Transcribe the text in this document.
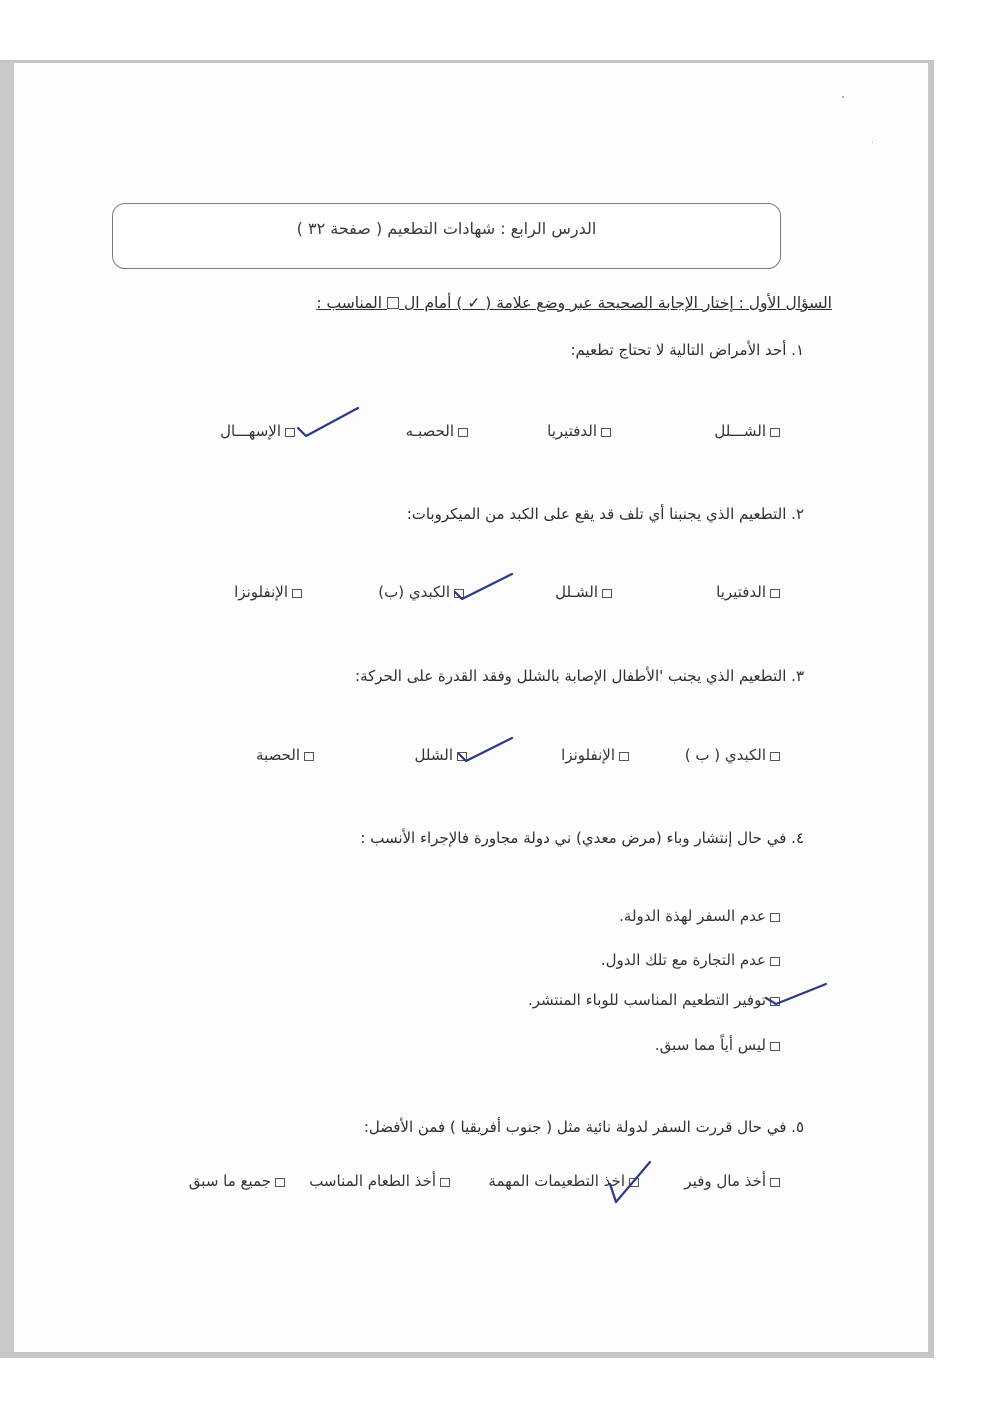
الدرس الرابع : شهادات التطعيم ( صفحة ٣٢ )
السؤال الأول : إختار الإجابة الصحيحة عبر وضع علامة ( ✓ ) أمام ال  المناسب :
١. أحد الأمراض التالية لا تحتاج تطعيم:
الشـــلل
الدفتيريا
الحصبـه
الإسهـــال
٢. التطعيم الذي يجنبنا أي تلف قد يقع على الكبد من الميكروبات:
الدفتيريا
الشـلل
الكبدي (ب)
الإنفلونزا
٣. التطعيم الذي يجنب 'الأطفال الإصابة بالشلل وفقد القدرة على الحركة:
الكبدي ( ب )
الإنفلونزا
الشلل
الحصبة
٤. في حال إنتشار وباء (مرض معدي) ني دولة مجاورة فالإجراء الأنسب :
عدم السفر لهذة الدولة.
عدم التجارة مع تلك الدول.
توفير التطعيم المناسب للوباء المنتشر.
ليس أياً مما سبق.
٥. في حال قررت السفر لدولة نائية مثل ( جنوب أفريقيا ) فمن الأفضل:
أخذ مال وفير
اخذ التطعيمات المهمة
أخذ الطعام المناسب
جميع ما سبق
